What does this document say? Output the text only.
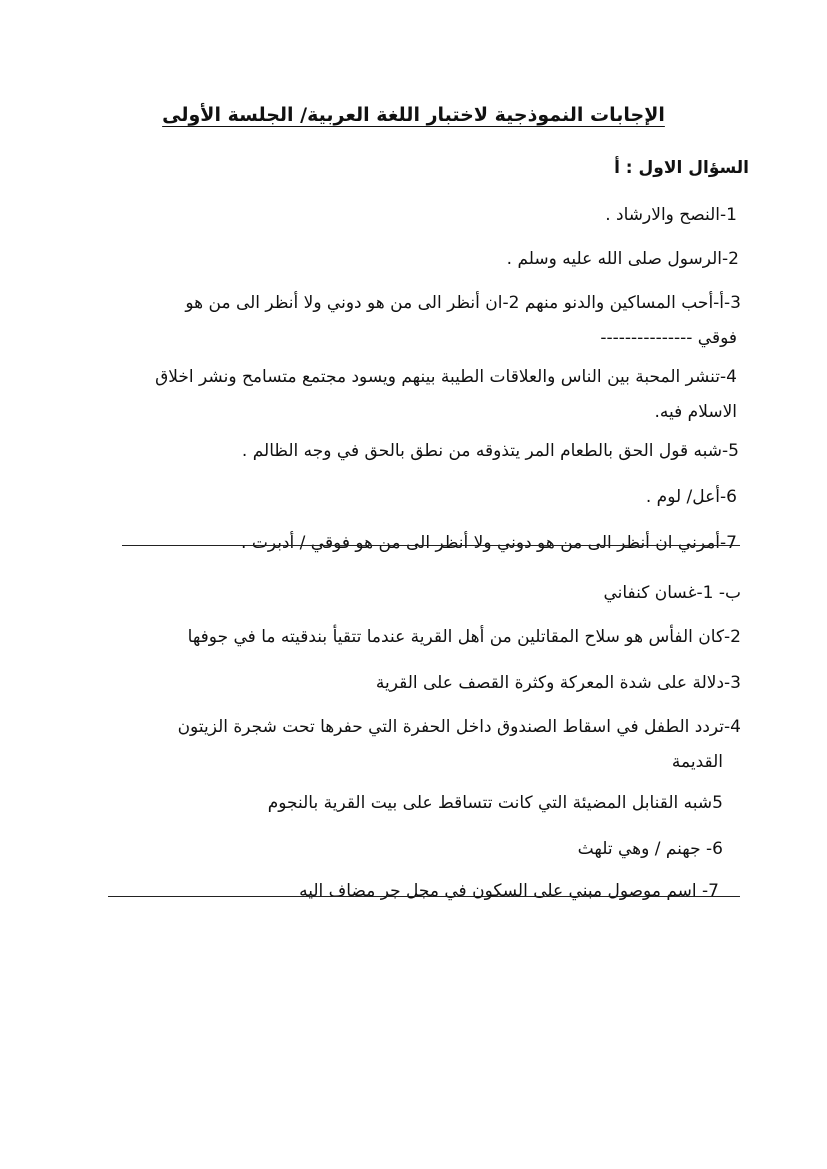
الإجابات النموذجية لاختبار اللغة العربية/ الجلسة الأولى
السؤال الاول : أ
1-النصح والارشاد .
2-الرسول صلى الله عليه وسلم .
3-أ-أحب المساكين والدنو منهم 2-ان أنظر الى من هو دوني ولا أنظر الى من هو
فوقي ---------------
4-تنشر المحبة بين الناس والعلاقات الطيبة بينهم ويسود مجتمع متسامح ونشر اخلاق
الاسلام فيه.
5-شبه قول الحق بالطعام المر يتذوقه من نطق بالحق في وجه الظالم .
6-أعل/ لوم .
7-أمرني ان أنظر الى من هو دوني ولا أنظر الى من هو فوقي / أدبرت .
ب- 1-غسان كنفاني
2-كان الفأس هو سلاح المقاتلين من أهل القرية عندما تتقيأ بندقيته ما في جوفها
3-دلالة على شدة المعركة وكثرة القصف على القرية
4-تردد الطفل في اسقاط الصندوق داخل الحفرة التي حفرها تحت شجرة الزيتون
القديمة
5شبه القنابل المضيئة التي كانت تتساقط على بيت القرية بالنجوم
6- جهنم / وهي تلهث
7- اسم موصول مبني على السكون في مجل جر مضاف اليه
